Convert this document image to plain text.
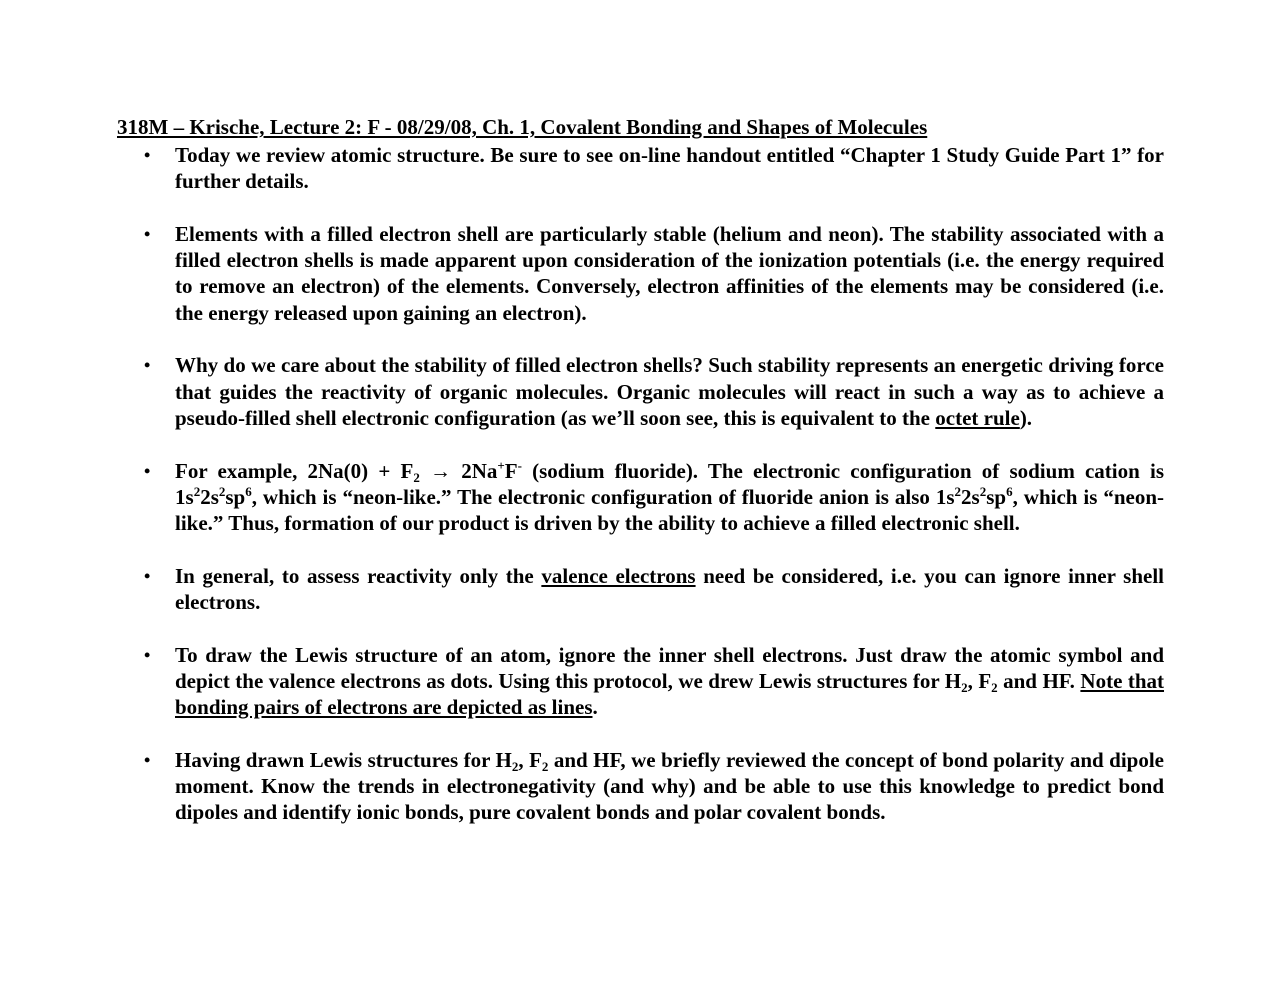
318M – Krische, Lecture 2: F - 08/29/08, Ch. 1, Covalent Bonding and Shapes of Molecules
• Today we review atomic structure. Be sure to see on-line handout entitled “Chapter 1 Study Guide Part 1” for further details.
• Elements with a filled electron shell are particularly stable (helium and neon). The stability associated with a filled electron shells is made apparent upon consideration of the ionization potentials (i.e. the energy required to remove an electron) of the elements. Conversely, electron affinities of the elements may be considered (i.e. the energy released upon gaining an electron).
• Why do we care about the stability of filled electron shells? Such stability represents an energetic driving force that guides the reactivity of organic molecules. Organic molecules will react in such a way as to achieve a pseudo-filled shell electronic configuration (as we’ll soon see, this is equivalent to the octet rule).
• For example, $2Na(0) + F_2 \to 2Na^+F^-$ (sodium fluoride). The electronic configuration of sodium cation is $1s^22s^2sp^6$, which is “neon-like.” The electronic configuration of fluoride anion is also $1s^22s^2sp^6$, which is “neon-like.” Thus, formation of our product is driven by the ability to achieve a filled electronic shell.
• In general, to assess reactivity only the valence electrons need be considered, i.e. you can ignore inner shell electrons.
• To draw the Lewis structure of an atom, ignore the inner shell electrons. Just draw the atomic symbol and depict the valence electrons as dots. Using this protocol, we drew Lewis structures for $H_2$, $F_2$ and HF. Note that bonding pairs of electrons are depicted as lines.
• Having drawn Lewis structures for $H_2$, $F_2$ and HF, we briefly reviewed the concept of bond polarity and dipole moment. Know the trends in electronegativity (and why) and be able to use this knowledge to predict bond dipoles and identify ionic bonds, pure covalent bonds and polar covalent bonds.
